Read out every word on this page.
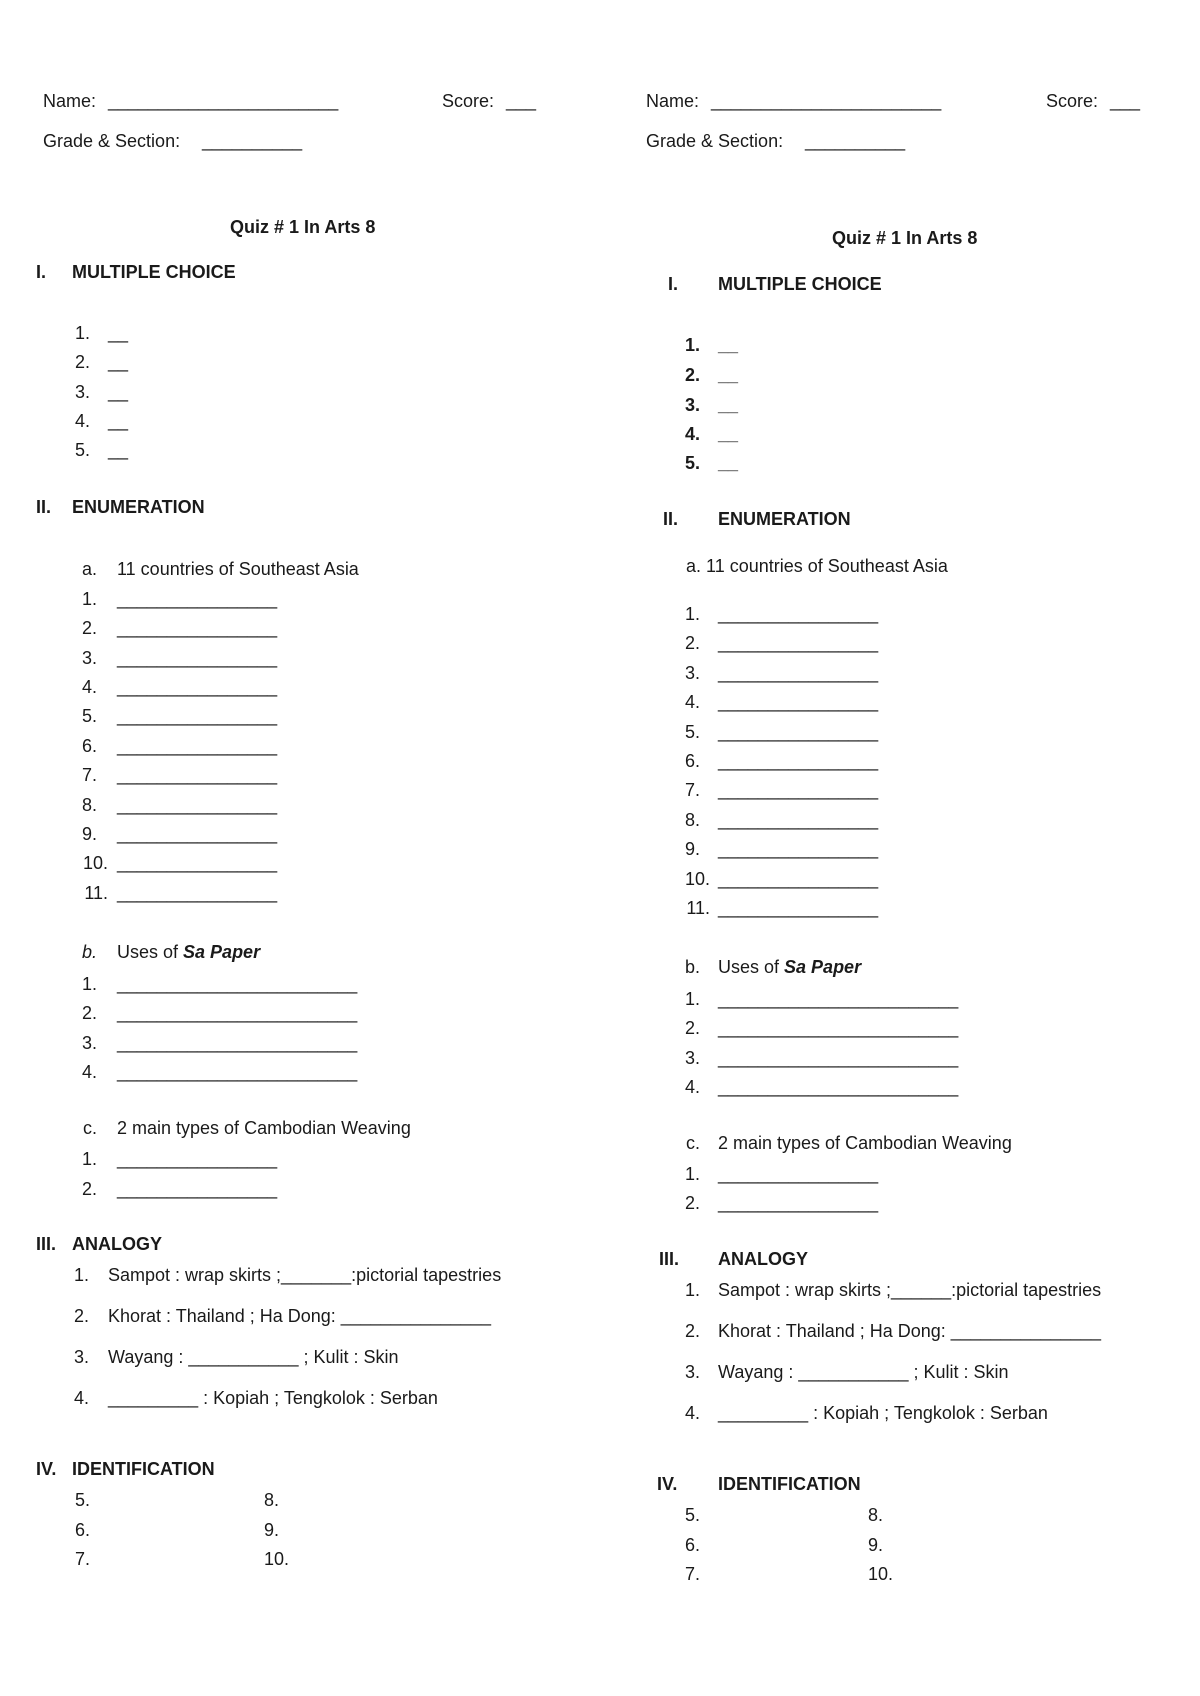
Name: _______________________	Score: ___
Grade & Section: __________
Quiz # 1 In Arts 8
I. MULTIPLE CHOICE
1. __
2. __
3. __
4. __
5. __
II. ENUMERATION
a. 11 countries of Southeast Asia
1. ________________
2. ________________
3. ________________
4. ________________
5. ________________
6. ________________
7. ________________
8. ________________
9. ________________
10. ________________
11. ________________
b. Uses of Sa Paper
1. ________________________
2. ________________________
3. ________________________
4. ________________________
c. 2 main types of Cambodian Weaving
1. ________________
2. ________________
III. ANALOGY
1. Sampot : wrap skirts ;_______:pictorial tapestries
2. Khorat : Thailand ; Ha Dong: _______________
3. Wayang : ___________ ; Kulit : Skin
4. _________ : Kopiah ; Tengkolok : Serban
IV. IDENTIFICATION
5.
6.
7.
8.
9.
10.
Name: _______________________	Score: ___
Grade & Section: __________
Quiz # 1 In Arts 8
I. MULTIPLE CHOICE
1. __
2. __
3. __
4. __
5. __
II. ENUMERATION
a. 11 countries of Southeast Asia
1. ________________
2. ________________
3. ________________
4. ________________
5. ________________
6. ________________
7. ________________
8. ________________
9. ________________
10. ________________
11. ________________
b. Uses of Sa Paper
1. ________________________
2. ________________________
3. ________________________
4. ________________________
c. 2 main types of Cambodian Weaving
1. ________________
2. ________________
III. ANALOGY
1. Sampot : wrap skirts ;______:pictorial tapestries
2. Khorat : Thailand ; Ha Dong: _______________
3. Wayang : ___________ ; Kulit : Skin
4. _________ : Kopiah ; Tengkolok : Serban
IV. IDENTIFICATION
5.
6.
7.
8.
9.
10.
